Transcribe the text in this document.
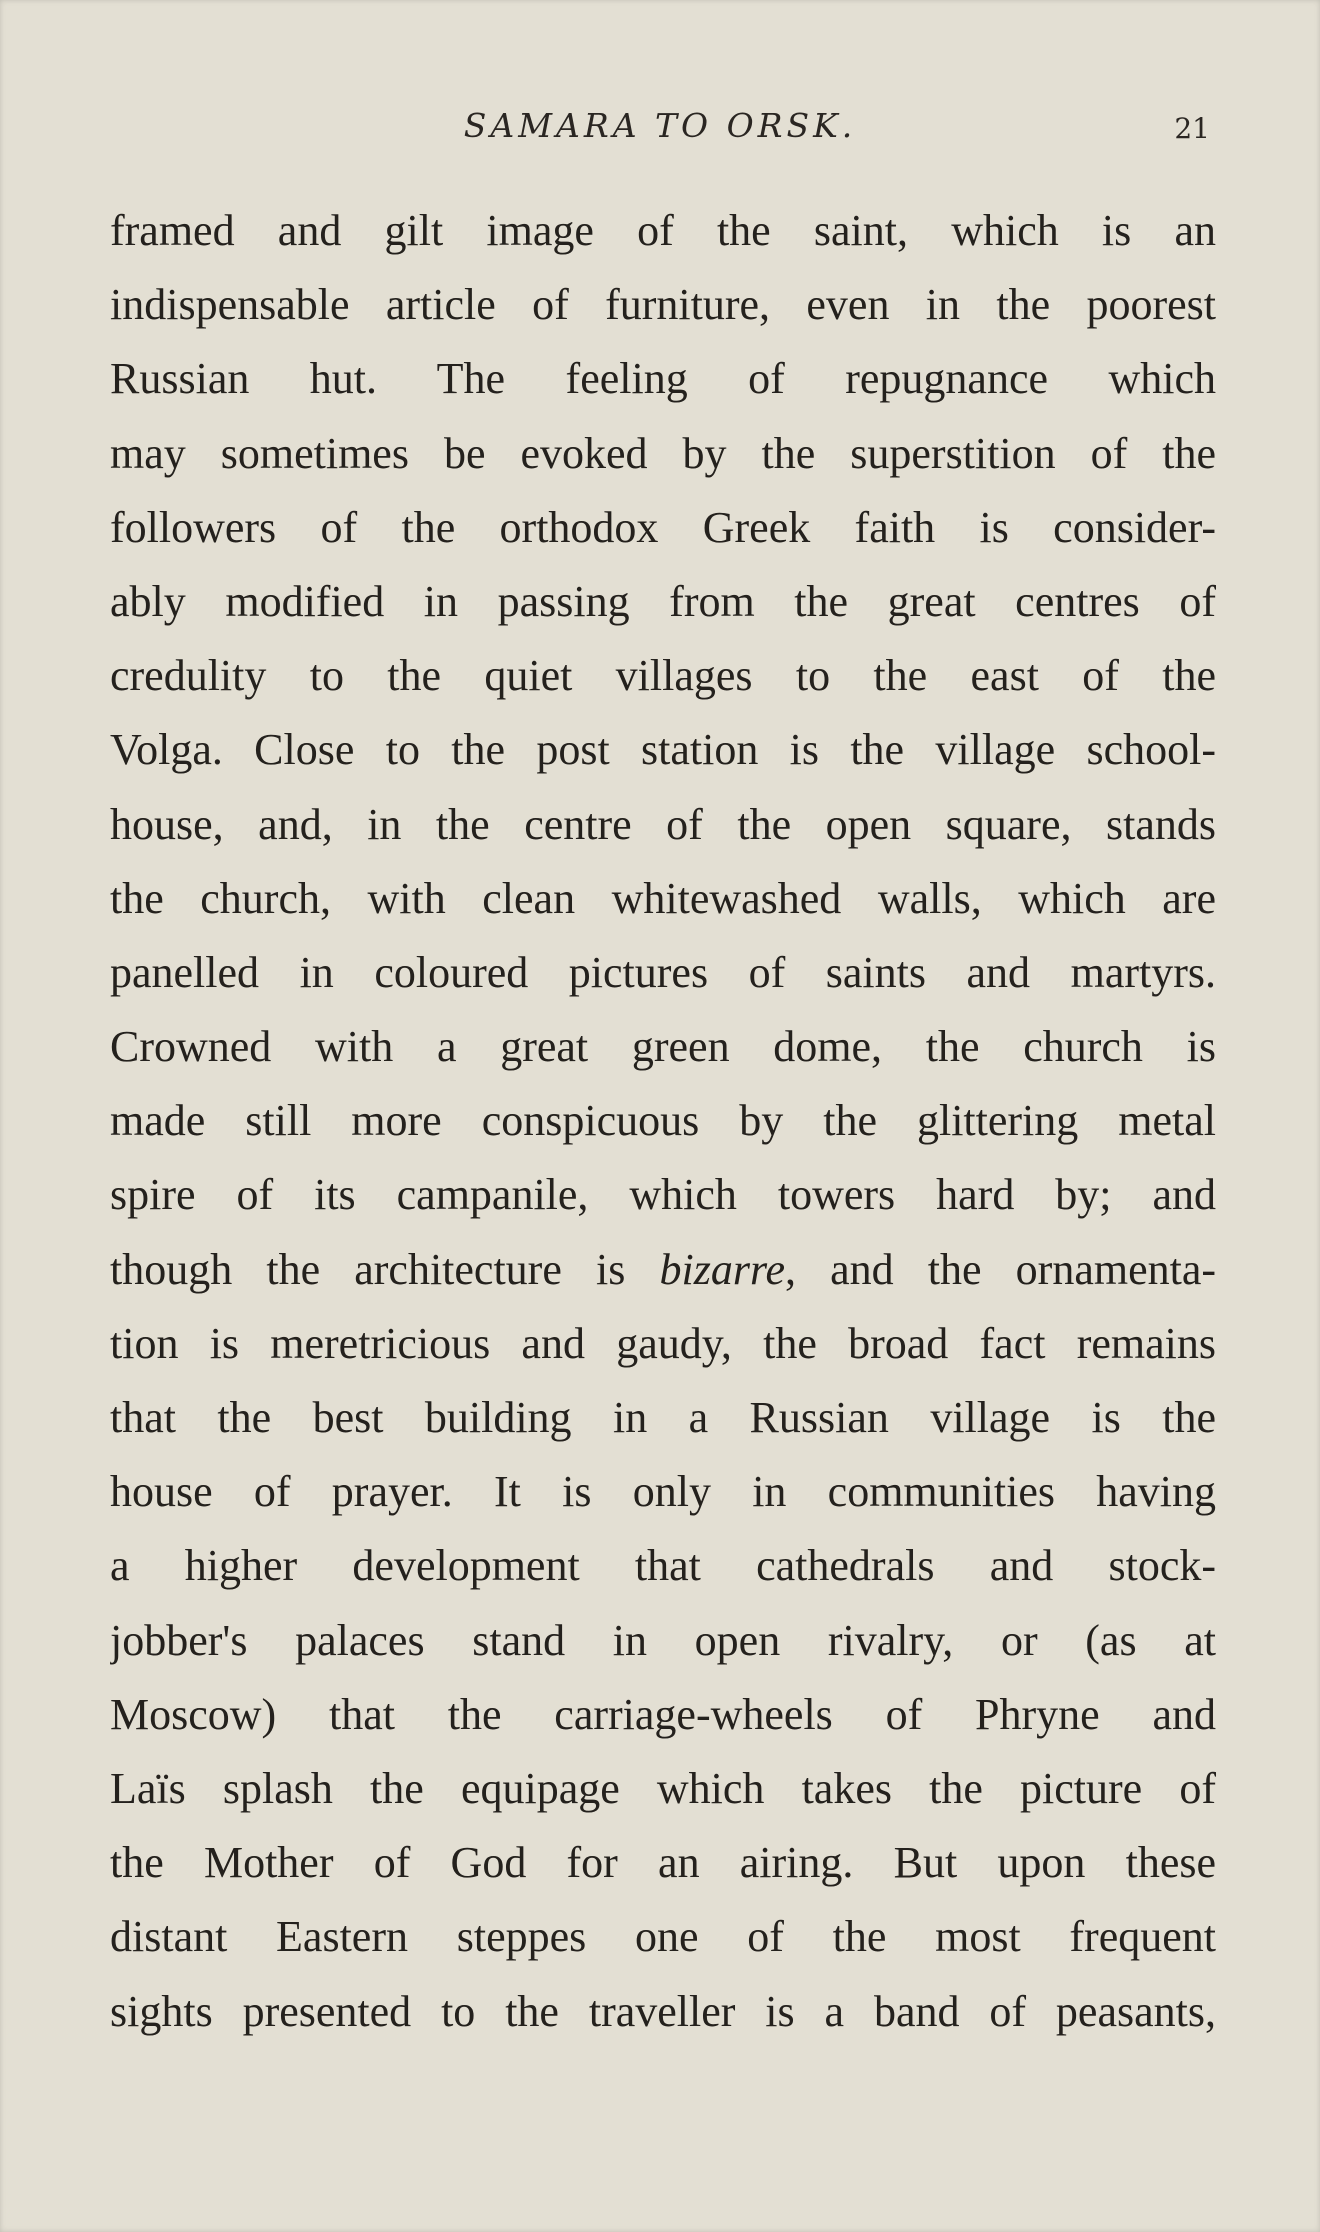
SAMARA TO ORSK.	21
framed and gilt image of the saint, which is an
indispensable article of furniture, even in the poorest
Russian hut. The feeling of repugnance which
may sometimes be evoked by the superstition of the
followers of the orthodox Greek faith is consider-
ably modified in passing from the great centres of
credulity to the quiet villages to the east of the
Volga. Close to the post station is the village school-
house, and, in the centre of the open square, stands
the church, with clean whitewashed walls, which are
panelled in coloured pictures of saints and martyrs.
Crowned with a great green dome, the church is
made still more conspicuous by the glittering metal
spire of its campanile, which towers hard by; and
though the architecture is bizarre, and the ornamenta-
tion is meretricious and gaudy, the broad fact remains
that the best building in a Russian village is the
house of prayer. It is only in communities having
a higher development that cathedrals and stock-
jobber's palaces stand in open rivalry, or (as at
Moscow) that the carriage-wheels of Phryne and
Laïs splash the equipage which takes the picture of
the Mother of God for an airing. But upon these
distant Eastern steppes one of the most frequent
sights presented to the traveller is a band of peasants,
